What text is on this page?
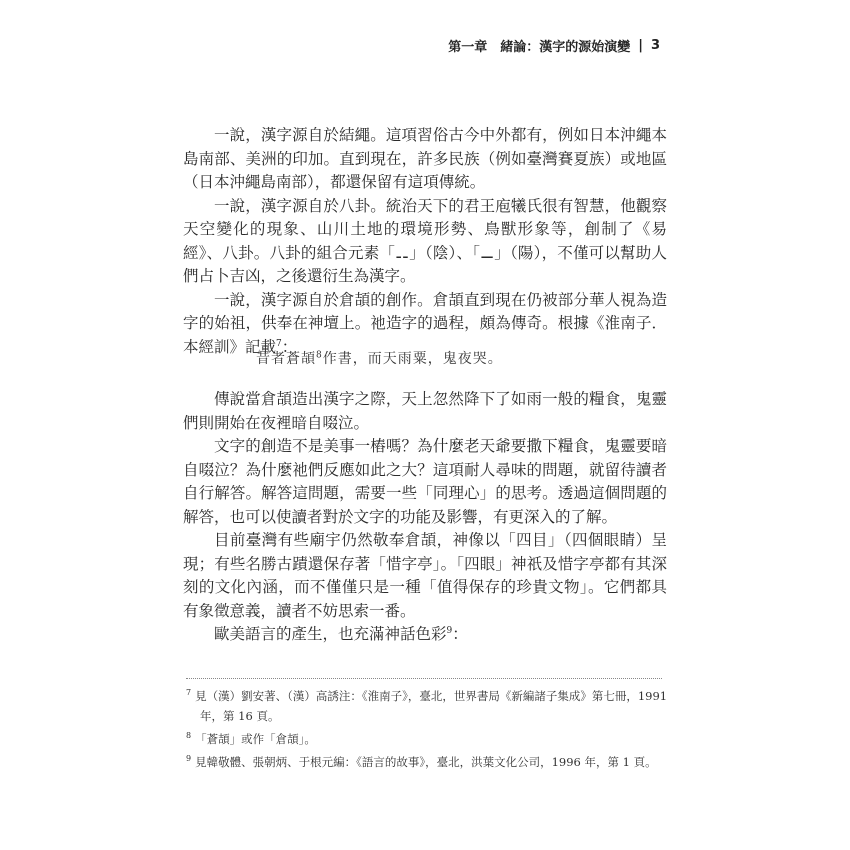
第一章　緒論：漢字的源始演變 | 3

一說，漢字源自於結繩。這項習俗古今中外都有，例如日本沖繩本島南部、美洲的印加。直到現在，許多民族（例如臺灣賽夏族）或地區（日本沖繩島南部），都還保留有這項傳統。

一說，漢字源自於八卦。統治天下的君王庖犧氏很有智慧，他觀察天空變化的現象、山川土地的環境形勢、鳥獸形象等，創制了《易經》、八卦。八卦的組合元素「⚋」（陰）、「⚊」（陽），不僅可以幫助人們占卜吉凶，之後還衍生為漢字。

一說，漢字源自於倉頡的創作。倉頡直到現在仍被部分華人視為造字的始祖，供奉在神壇上。祂造字的過程，頗為傳奇。根據《淮南子．本經訓》記載$^7$：

昔者蒼頡$^8$作書，而天雨粟，鬼夜哭。

傳說當倉頡造出漢字之際，天上忽然降下了如雨一般的糧食，鬼靈們則開始在夜裡暗自啜泣。

文字的創造不是美事一樁嗎？為什麼老天爺要撒下糧食，鬼靈要暗自啜泣？為什麼祂們反應如此之大？這項耐人尋味的問題，就留待讀者自行解答。解答這問題，需要一些「同理心」的思考。透過這個問題的解答，也可以使讀者對於文字的功能及影響，有更深入的了解。

目前臺灣有些廟宇仍然敬奉倉頡，神像以「四目」（四個眼睛）呈現；有些名勝古蹟還保存著「惜字亭」。「四眼」神祇及惜字亭都有其深刻的文化內涵，而不僅僅只是一種「值得保存的珍貴文物」。它們都具有象徵意義，讀者不妨思索一番。

歐美語言的產生，也充滿神話色彩$^9$：

$^7$ 見（漢）劉安著、（漢）高誘注：《淮南子》，臺北，世界書局《新編諸子集成》第七冊，1991 年，第 16 頁。

$^8$ 「蒼頡」或作「倉頡」。

$^9$ 見韓敬體、張朝炳、于根元編：《語言的故事》，臺北，洪葉文化公司，1996 年，第 1 頁。
